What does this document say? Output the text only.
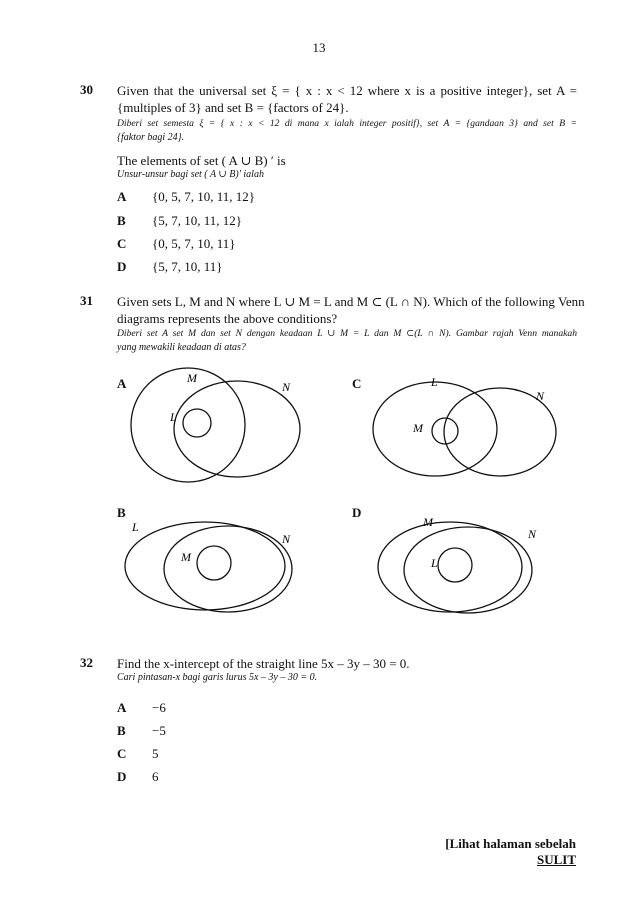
13
30 Given that the universal set ξ = { x : x < 12 where x is a positive integer}, set A =
{multiples of 3} and set B = {factors of 24}.
Diberi set semesta ξ = { x : x < 12 di mana x ialah integer positif}, set A = {gandaan 3} and set B =
{faktor bagi 24}.
The elements of set ( A ∪ B) ′ is
Unsur-unsur bagi set ( A ∪ B)′ ialah
A {0, 5, 7, 10, 11, 12}
B {5, 7, 10, 11, 12}
C {0, 5, 7, 10, 11}
D {5, 7, 10, 11}
31 Given sets L, M and N where L ∪ M = L and M ⊂ (L ∩ N). Which of the following Venn
diagrams represents the above conditions?
Diberi set A set M dan set N dengan keadaan L ∪ M = L dan M ⊂(L ∩ N). Gambar rajah Venn manakah
yang mewakili keadaan di atas?
A	C
B	D
M
L
N	L
M
N
L
M
N
M
L
N
32 Find the x-intercept of the straight line 5x – 3y – 30 = 0.
Cari pintasan-x bagi garis lurus 5x – 3y – 30 = 0.
A −6
B −5
C 5
D 6
[Lihat halaman sebelah
SULIT
